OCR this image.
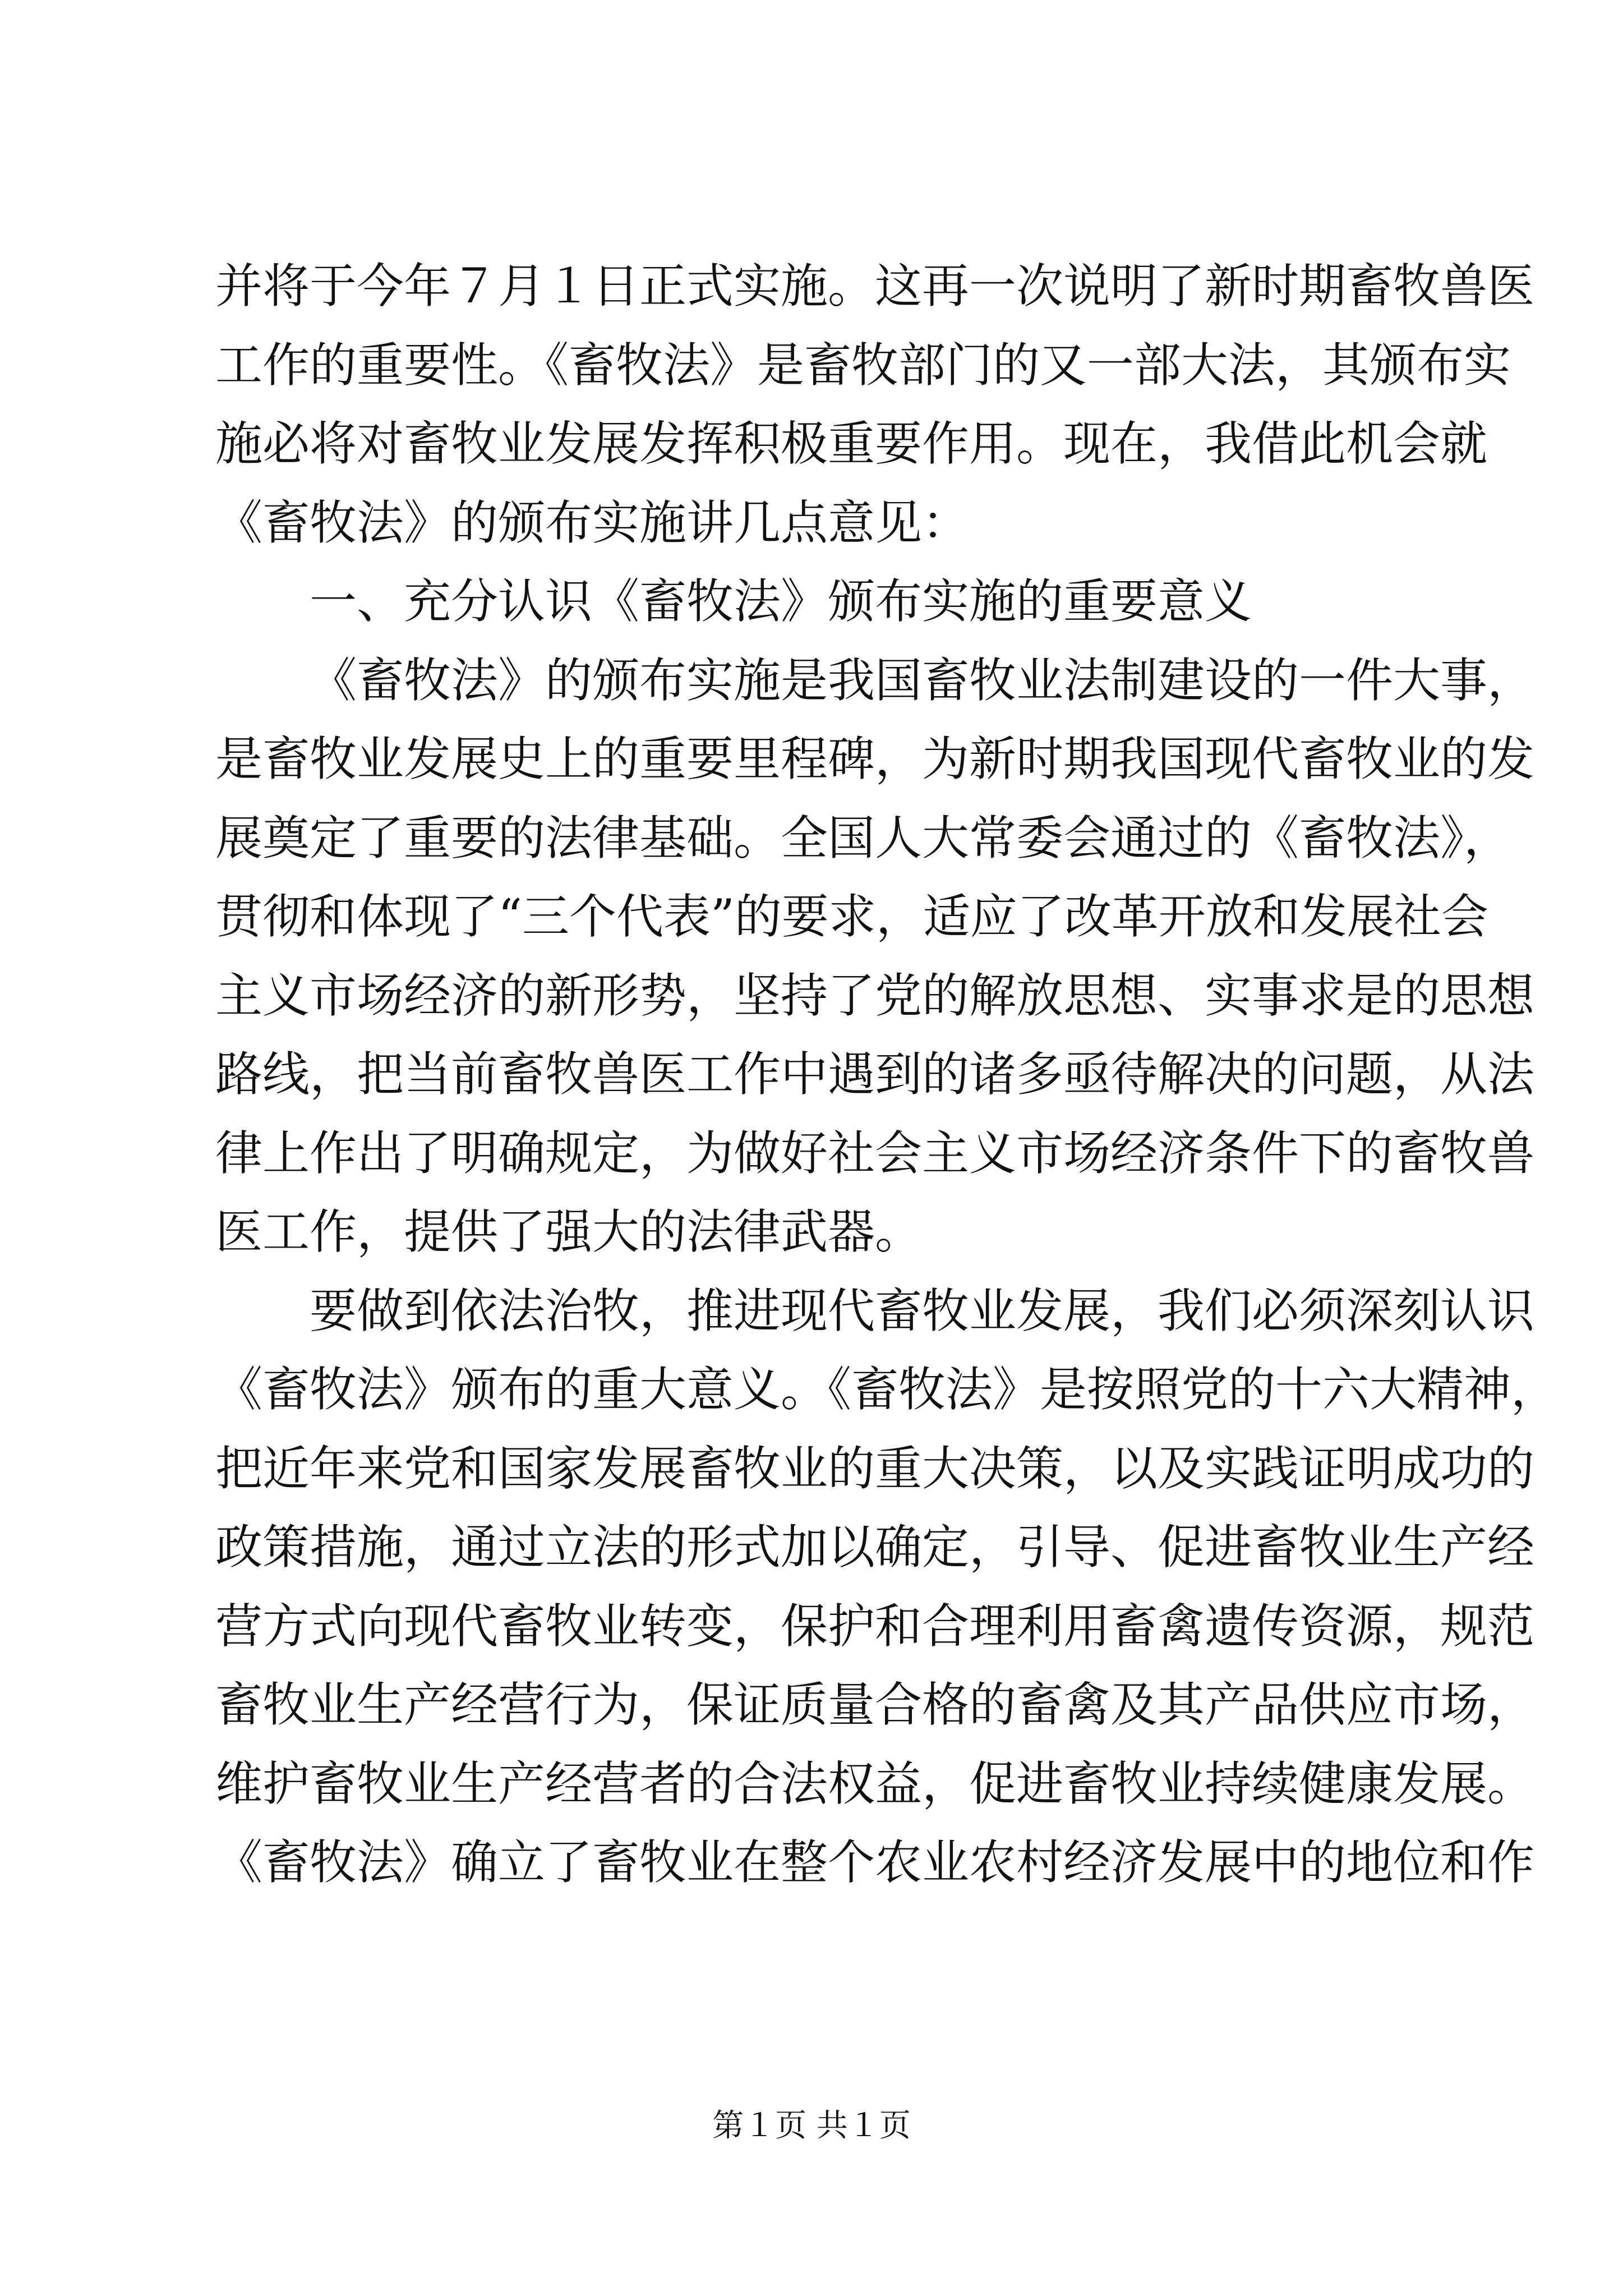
并将于今年７月１日正式实施。这再一次说明了新时期畜牧兽医
工作的重要性。《畜牧法》是畜牧部门的又一部大法，其颁布实
施必将对畜牧业发展发挥积极重要作用。现在，我借此机会就
《畜牧法》的颁布实施讲几点意见：
一、充分认识《畜牧法》颁布实施的重要意义
《畜牧法》的颁布实施是我国畜牧业法制建设的一件大事，
是畜牧业发展史上的重要里程碑，为新时期我国现代畜牧业的发
展奠定了重要的法律基础。全国人大常委会通过的《畜牧法》，
贯彻和体现了“三个代表”的要求，适应了改革开放和发展社会
主义市场经济的新形势，坚持了党的解放思想、实事求是的思想
路线，把当前畜牧兽医工作中遇到的诸多亟待解决的问题，从法
律上作出了明确规定，为做好社会主义市场经济条件下的畜牧兽
医工作，提供了强大的法律武器。
要做到依法治牧，推进现代畜牧业发展，我们必须深刻认识
《畜牧法》颁布的重大意义。《畜牧法》是按照党的十六大精神，
把近年来党和国家发展畜牧业的重大决策，以及实践证明成功的
政策措施，通过立法的形式加以确定，引导、促进畜牧业生产经
营方式向现代畜牧业转变，保护和合理利用畜禽遗传资源，规范
畜牧业生产经营行为，保证质量合格的畜禽及其产品供应市场，
维护畜牧业生产经营者的合法权益，促进畜牧业持续健康发展。
《畜牧法》确立了畜牧业在整个农业农村经济发展中的地位和作
第１页 共１页
